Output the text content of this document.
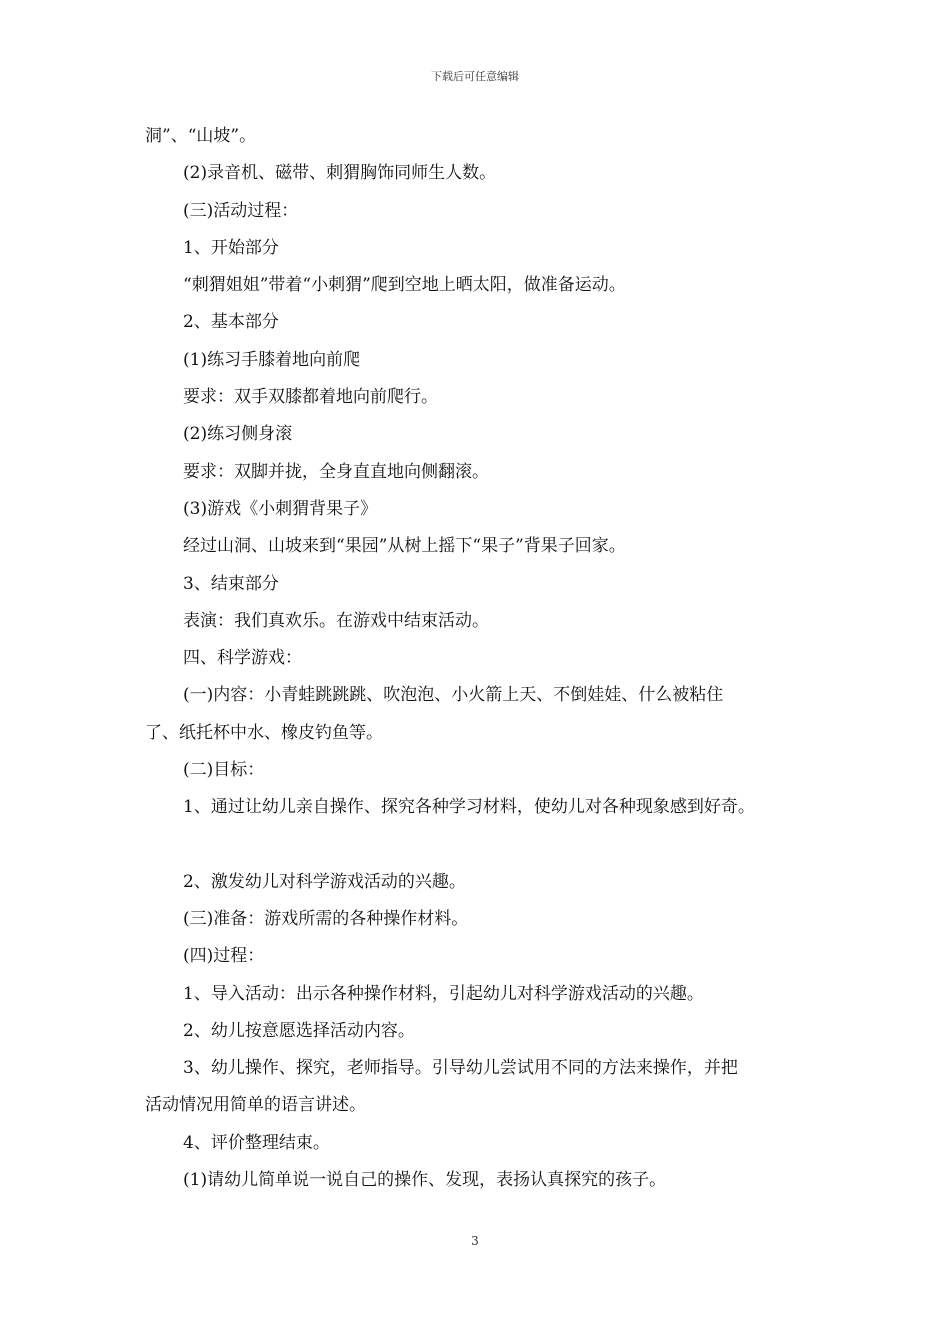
下载后可任意编辑
洞”、“山坡”。
(2)录音机、磁带、刺猬胸饰同师生人数。
(三)活动过程：
1、开始部分
“刺猬姐姐”带着“小刺猬”爬到空地上晒太阳，做准备运动。
2、基本部分
(1)练习手膝着地向前爬
要求：双手双膝都着地向前爬行。
(2)练习侧身滚
要求：双脚并拢，全身直直地向侧翻滚。
(3)游戏《小刺猬背果子》
经过山洞、山坡来到“果园”从树上摇下“果子”背果子回家。
3、结束部分
表演：我们真欢乐。在游戏中结束活动。
四、科学游戏：
(一)内容：小青蛙跳跳跳、吹泡泡、小火箭上天、不倒娃娃、什么被粘住
了、纸托杯中水、橡皮钓鱼等。
(二)目标：
1、通过让幼儿亲自操作、探究各种学习材料，使幼儿对各种现象感到好奇。
2、激发幼儿对科学游戏活动的兴趣。
(三)准备：游戏所需的各种操作材料。
(四)过程：
1、导入活动：出示各种操作材料，引起幼儿对科学游戏活动的兴趣。
2、幼儿按意愿选择活动内容。
3、幼儿操作、探究，老师指导。引导幼儿尝试用不同的方法来操作，并把
活动情况用简单的语言讲述。
4、评价整理结束。
(1)请幼儿简单说一说自己的操作、发现，表扬认真探究的孩子。
3
